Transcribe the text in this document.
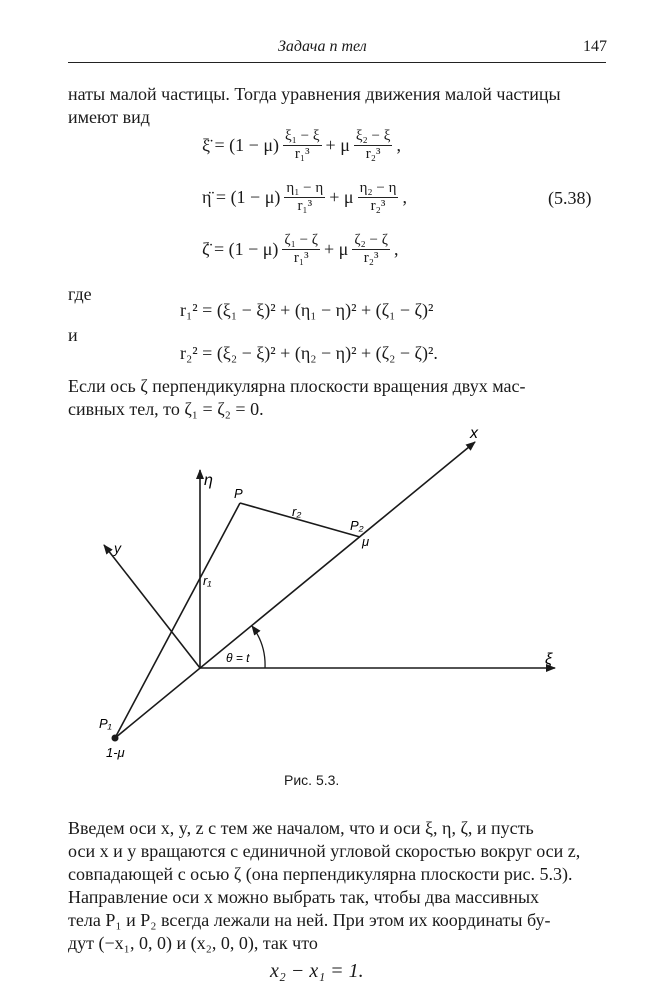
Задача п тел	147
наты малой частицы. Тогда уравнения движения малой частицы
имеют вид
ξ̈ = $(1 - \mu) \frac{\text{ξ₁ − ξ}}{\text{r₁³}} + \mu \frac{\text{ξ₂ − ξ}}{\text{r₂³}}$ ,
η̈ = $(1 - \mu) \frac{\text{η₁ − η}}{\text{r₁³}} + \mu \frac{\text{η₂ − η}}{\text{r₂³}}$ ,	(5.38)
ζ̈ = $(1 - \mu) \frac{\text{ζ₁ − ζ}}{\text{r₁³}} + \mu \frac{\text{ζ₂ − ζ}}{\text{r₂³}}$ ,
где
r₁² = (ξ₁ − ξ)² + (η₁ − η)² + (ζ₁ − ζ)²
и
r₂² = (ξ₂ − ξ)² + (η₂ − η)² + (ζ₂ − ζ)².
Если ось ζ перпендикулярна плоскости вращения двух мас-
сивных тел, то ζ₁ = ζ₂ = 0.
x
y
η
ξ
P
r₂
P₂
μ
r₁
θ = t
P₁
1-μ
Рис. 5.3.
Введем оси x, y, z с тем же началом, что и оси ξ, η, ζ, и пусть
оси x и y вращаются с единичной угловой скоростью вокруг оси z,
совпадающей с осью ζ (она перпендикулярна плоскости рис. 5.3).
Направление оси x можно выбрать так, чтобы два массивных
тела P₁ и P₂ всегда лежали на ней. При этом их координаты бу-
дут (−x₁, 0, 0) и (x₂, 0, 0), так что
x₂ − x₁ = 1.
